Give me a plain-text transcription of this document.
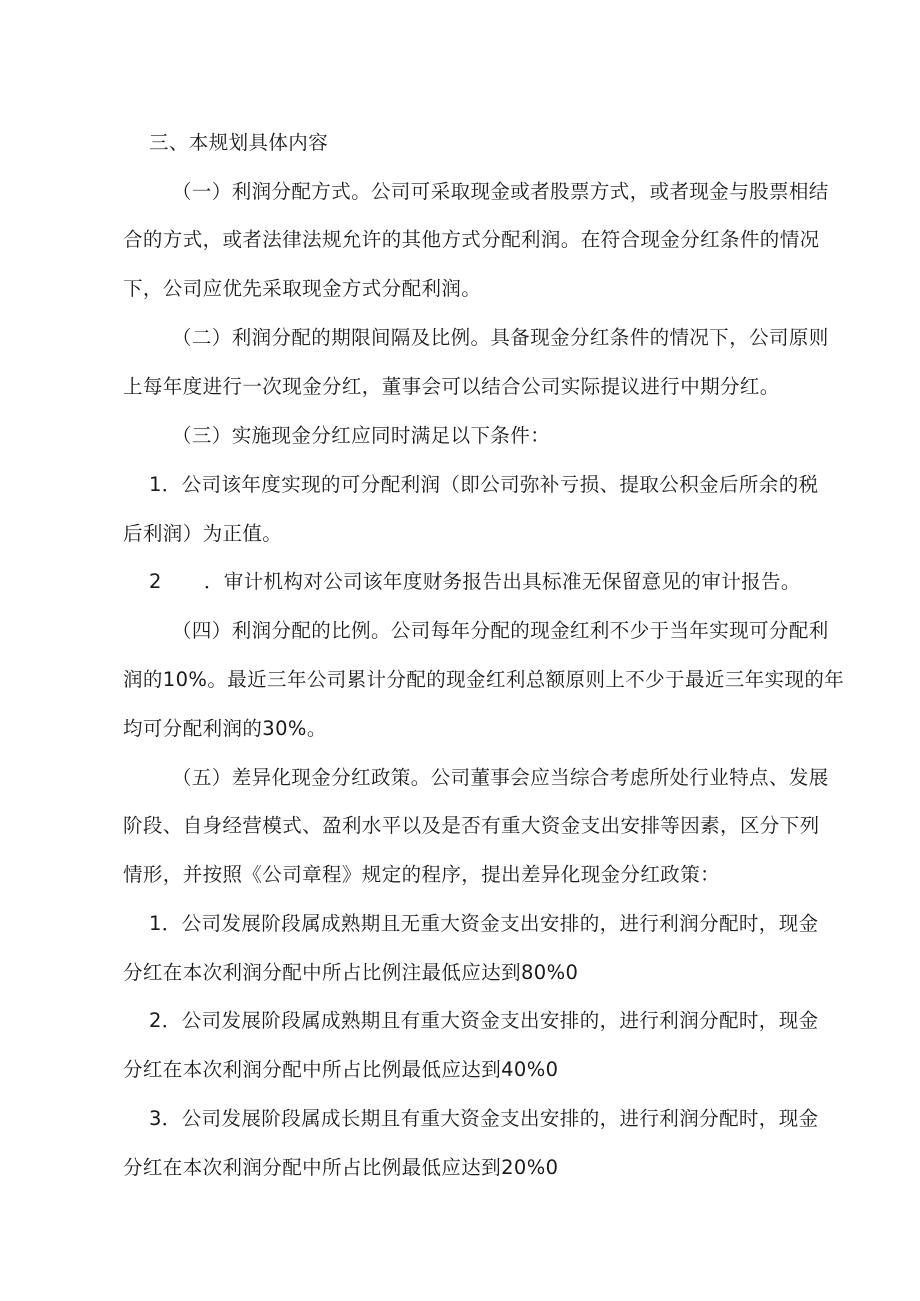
三、本规划具体内容
（一）利润分配方式。公司可采取现金或者股票方式，或者现金与股票相结
合的方式，或者法律法规允许的其他方式分配利润。在符合现金分红条件的情况
下，公司应优先采取现金方式分配利润。
（二）利润分配的期限间隔及比例。具备现金分红条件的情况下，公司原则
上每年度进行一次现金分红，董事会可以结合公司实际提议进行中期分红。
（三）实施现金分红应同时满足以下条件：
1．公司该年度实现的可分配利润（即公司弥补亏损、提取公积金后所余的税
后利润）为正值。
2 ．审计机构对公司该年度财务报告出具标准无保留意见的审计报告。
（四）利润分配的比例。公司每年分配的现金红利不少于当年实现可分配利
润的10%。最近三年公司累计分配的现金红利总额原则上不少于最近三年实现的年
均可分配利润的30%。
（五）差异化现金分红政策。公司董事会应当综合考虑所处行业特点、发展
阶段、自身经营模式、盈利水平以及是否有重大资金支出安排等因素，区分下列
情形，并按照《公司章程》规定的程序，提出差异化现金分红政策：
1．公司发展阶段属成熟期且无重大资金支出安排的，进行利润分配时，现金
分红在本次利润分配中所占比例注最低应达到80%0
2．公司发展阶段属成熟期且有重大资金支出安排的，进行利润分配时，现金
分红在本次利润分配中所占比例最低应达到40%0
3．公司发展阶段属成长期且有重大资金支出安排的，进行利润分配时，现金
分红在本次利润分配中所占比例最低应达到20%0
